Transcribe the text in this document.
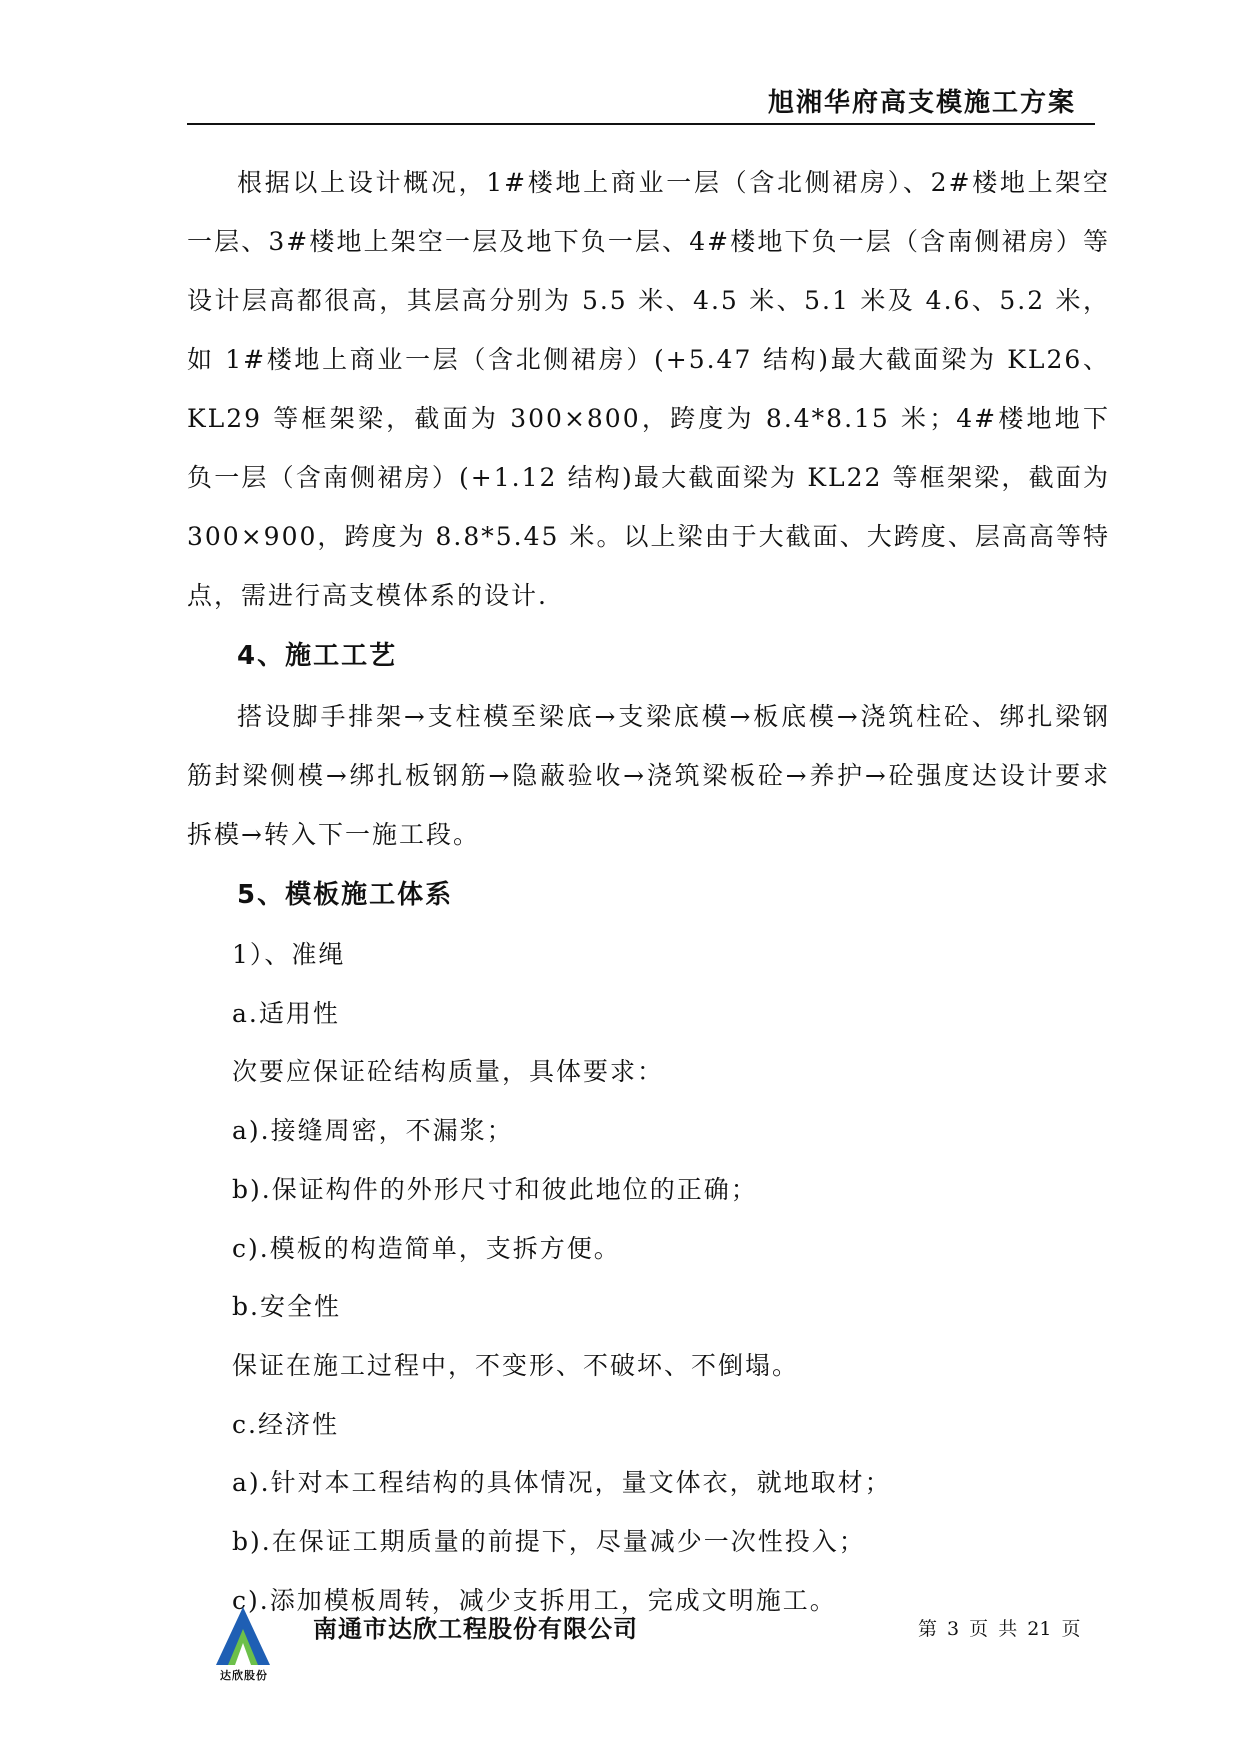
旭湘华府高支模施工方案

根据以上设计概况，1#楼地上商业一层（含北侧裙房）、2#楼地上架空一层、3#楼地上架空一层及地下负一层、4#楼地下负一层（含南侧裙房）等设计层高都很高，其层高分别为 5.5 米、4.5 米、5.1 米及 4.6、5.2 米，如 1#楼地上商业一层（含北侧裙房）(+5.47 结构)最大截面梁为 KL26、KL29 等框架梁，截面为 300×800，跨度为 8.4*8.15 米；4#楼地地下负一层（含南侧裙房）(+1.12 结构)最大截面梁为 KL22 等框架梁，截面为 300×900，跨度为 8.8*5.45 米。以上梁由于大截面、大跨度、层高高等特点，需进行高支模体系的设计.

4、施工工艺

搭设脚手排架→支柱模至梁底→支梁底模→板底模→浇筑柱砼、绑扎梁钢筋封梁侧模→绑扎板钢筋→隐蔽验收→浇筑梁板砼→养护→砼强度达设计要求拆模→转入下一施工段。

5、模板施工体系

1）、准绳

a.适用性

次要应保证砼结构质量，具体要求：

a).接缝周密，不漏浆；

b).保证构件的外形尺寸和彼此地位的正确；

c).模板的构造简单，支拆方便。

b.安全性

保证在施工过程中，不变形、不破坏、不倒塌。

c.经济性

a).针对本工程结构的具体情况，量文体衣，就地取材；

b).在保证工期质量的前提下，尽量减少一次性投入；

c).添加模板周转，减少支拆用工，完成文明施工。

达欣股份
南通市达欣工程股份有限公司	第 3 页 共 21 页
